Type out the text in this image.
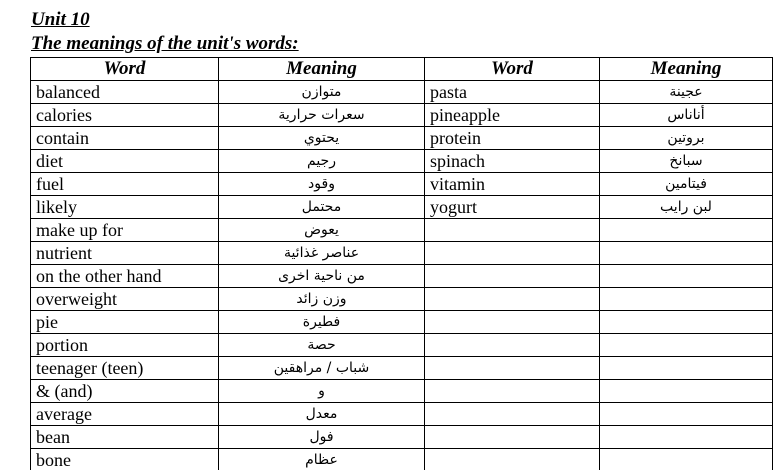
Unit 10
The meanings of the unit's words:
Word	Meaning	Word	Meaning
balanced	متوازن	pasta	عجينة
calories	سعرات حرارية	pineapple	أناناس
contain	يحتوي	protein	بروتين
diet	رجيم	spinach	سبانخ
fuel	وقود	vitamin	فيتامين
likely	محتمل	yogurt	لبن رايب
make up for	يعوض		
nutrient	عناصر غذائية		
on the other hand	من ناحية اخرى		
overweight	وزن زائد		
pie	فطيرة		
portion	حصة		
teenager (teen)	شباب / مراهقين		
& (and)	و		
average	معدل		
bean	فول		
bone	عظام		
